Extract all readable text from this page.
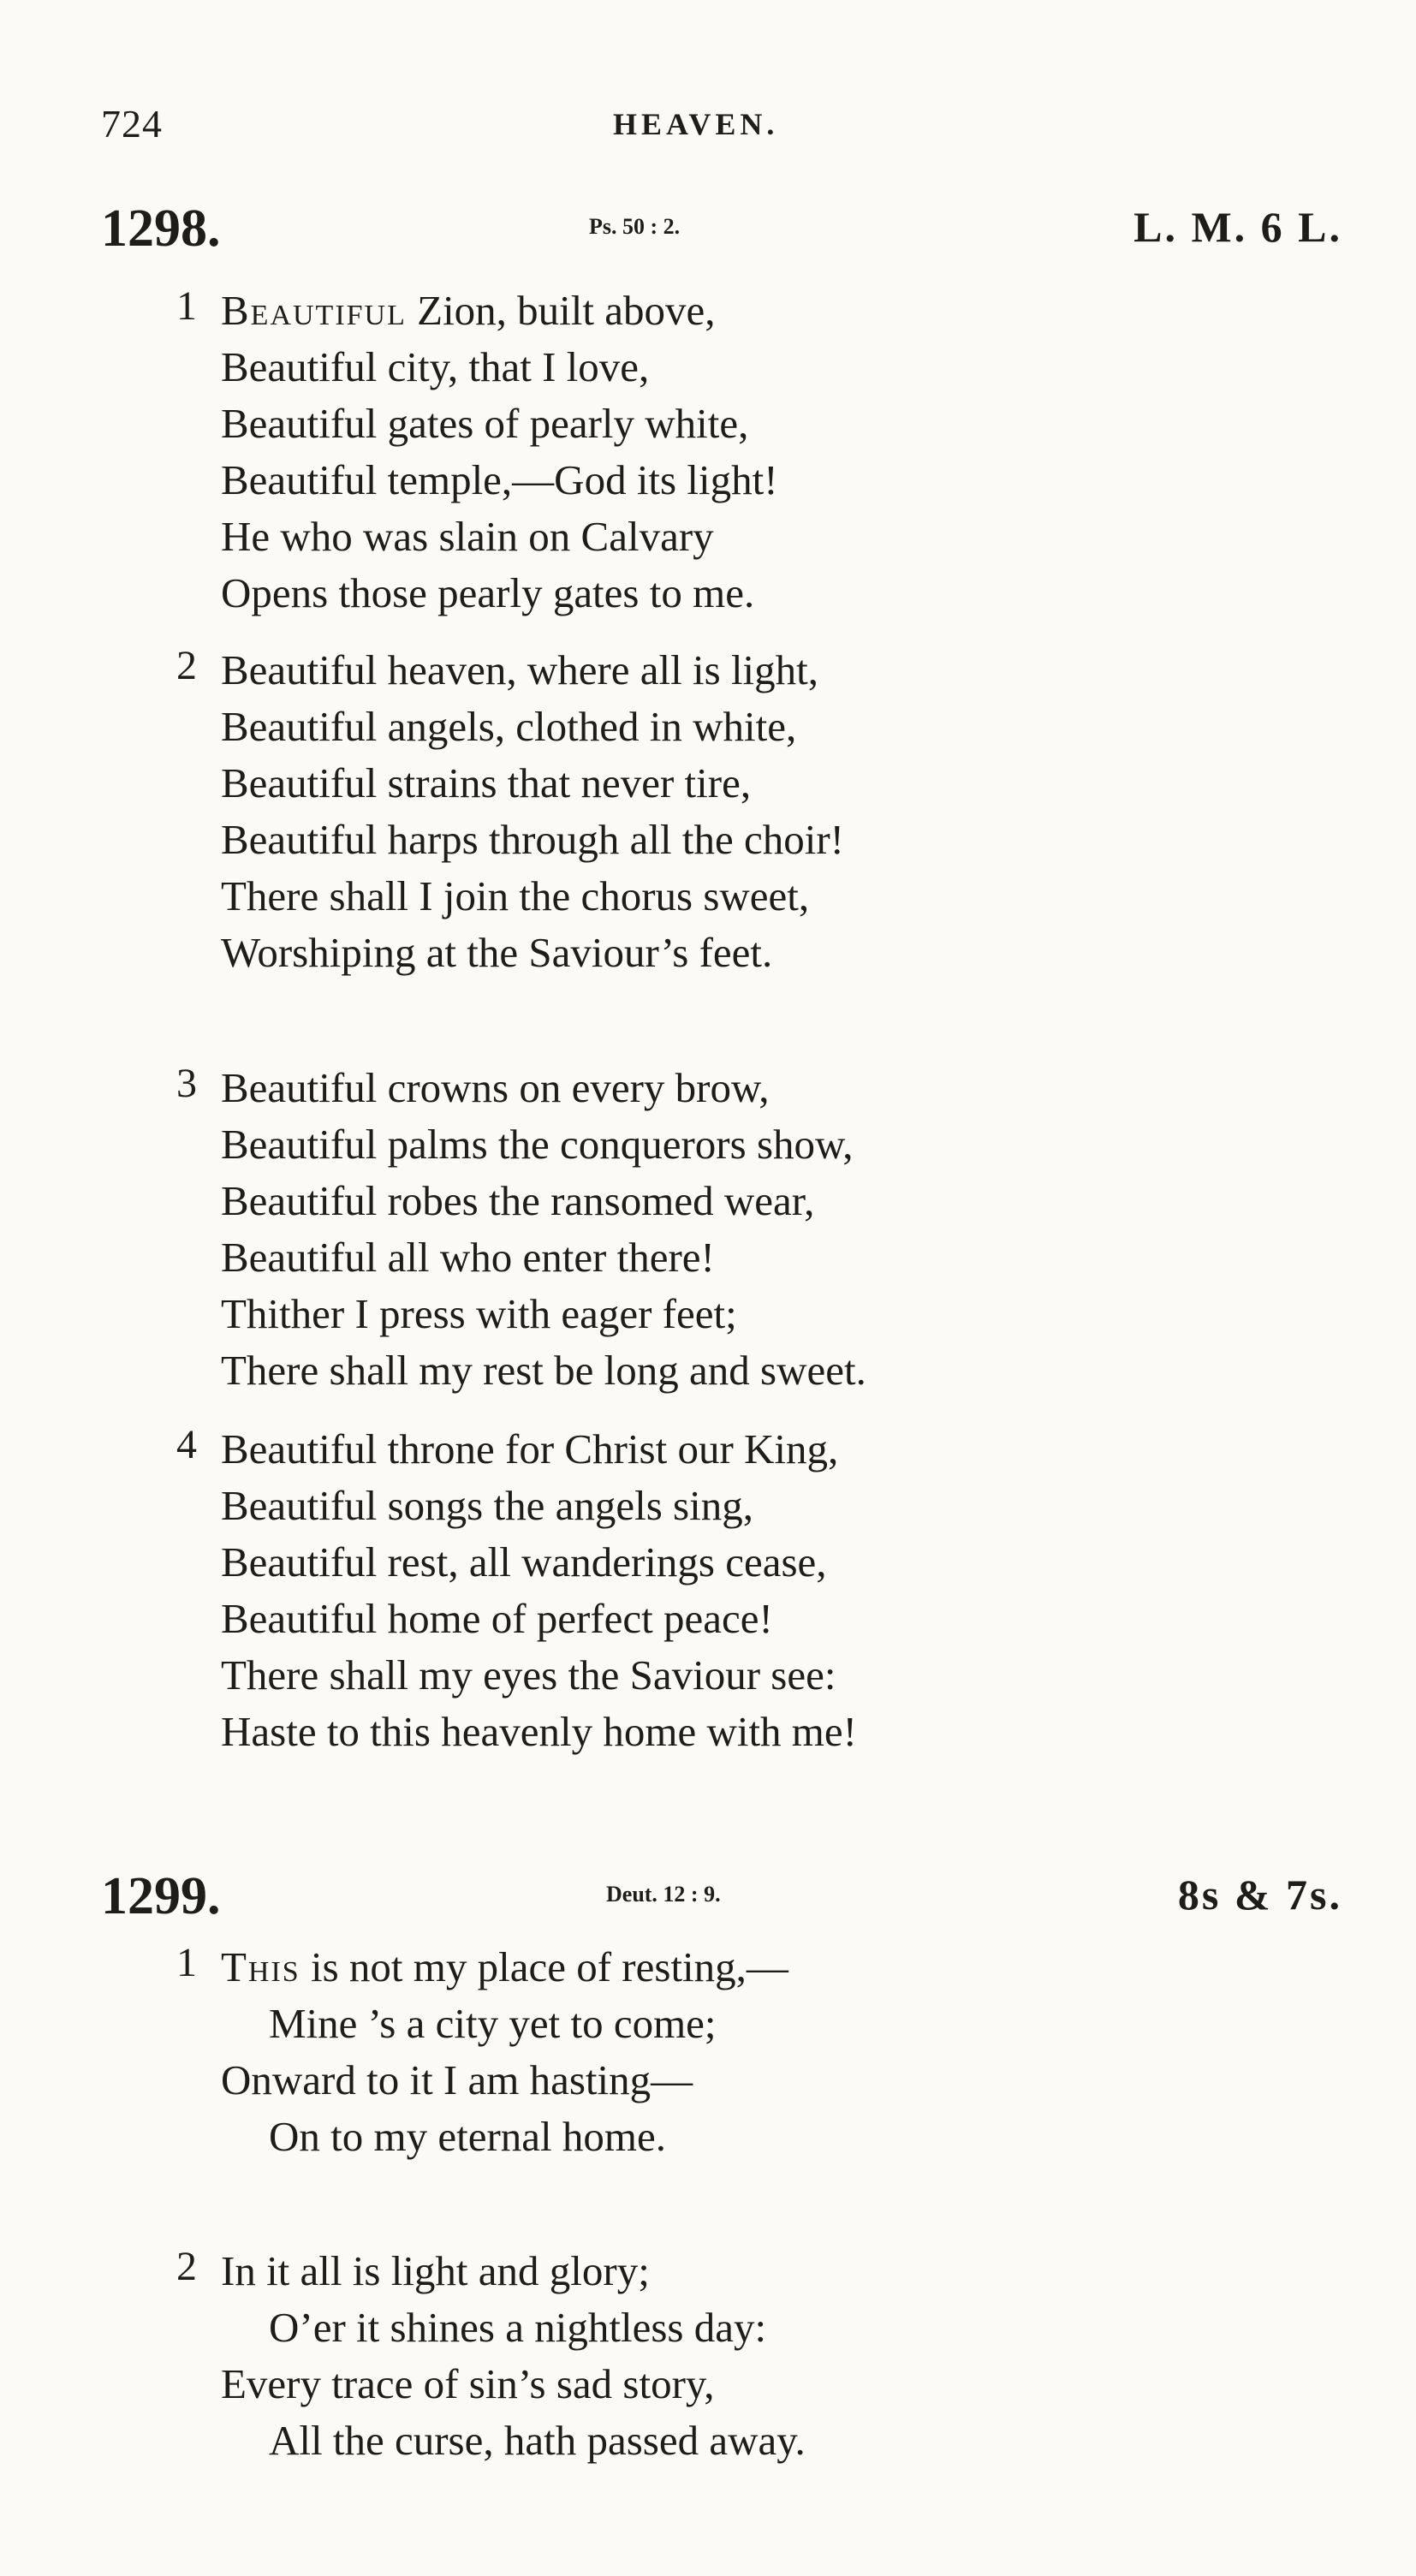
724	HEAVEN.
1298.	Ps. 50 : 2.	L. M. 6 L.
1 Beautiful Zion, built above,
Beautiful city, that I love,
Beautiful gates of pearly white,
Beautiful temple,—God its light!
He who was slain on Calvary
Opens those pearly gates to me.
2 Beautiful heaven, where all is light,
Beautiful angels, clothed in white,
Beautiful strains that never tire,
Beautiful harps through all the choir!
There shall I join the chorus sweet,
Worshiping at the Saviour’s feet.
3 Beautiful crowns on every brow,
Beautiful palms the conquerors show,
Beautiful robes the ransomed wear,
Beautiful all who enter there!
Thither I press with eager feet;
There shall my rest be long and sweet.
4 Beautiful throne for Christ our King,
Beautiful songs the angels sing,
Beautiful rest, all wanderings cease,
Beautiful home of perfect peace!
There shall my eyes the Saviour see:
Haste to this heavenly home with me!
1299.	Deut. 12 : 9.	8s & 7s.
1 This is not my place of resting,—
Mine ’s a city yet to come;
Onward to it I am hasting—
On to my eternal home.
2 In it all is light and glory;
O’er it shines a nightless day:
Every trace of sin’s sad story,
All the curse, hath passed away.
